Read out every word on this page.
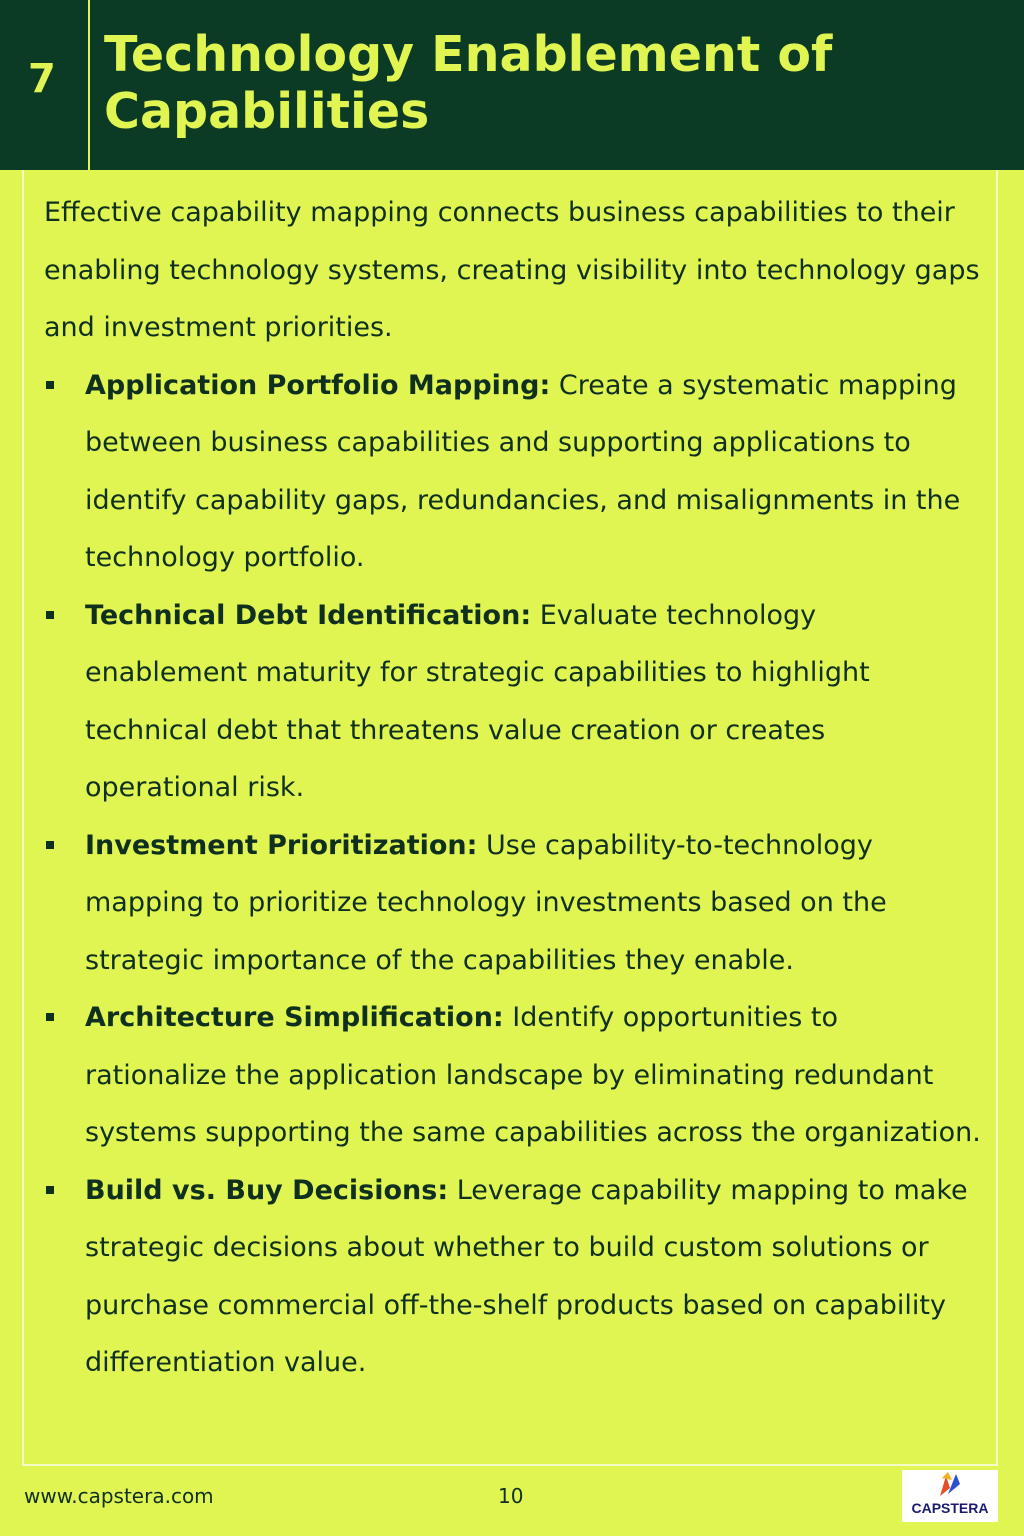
7 Technology Enablement of
Capabilities

Effective capability mapping connects business capabilities to their enabling technology systems, creating visibility into technology gaps and investment priorities.

Application Portfolio Mapping: Create a systematic mapping between business capabilities and supporting applications to identify capability gaps, redundancies, and misalignments in the technology portfolio.
Technical Debt Identification: Evaluate technology enablement maturity for strategic capabilities to highlight technical debt that threatens value creation or creates operational risk.
Investment Prioritization: Use capability-to-technology mapping to prioritize technology investments based on the strategic importance of the capabilities they enable.
Architecture Simplification: Identify opportunities to rationalize the application landscape by eliminating redundant systems supporting the same capabilities across the organization.
Build vs. Buy Decisions: Leverage capability mapping to make strategic decisions about whether to build custom solutions or purchase commercial off-the-shelf products based on capability differentiation value.
www.capstera.com	10	CAPSTERA
